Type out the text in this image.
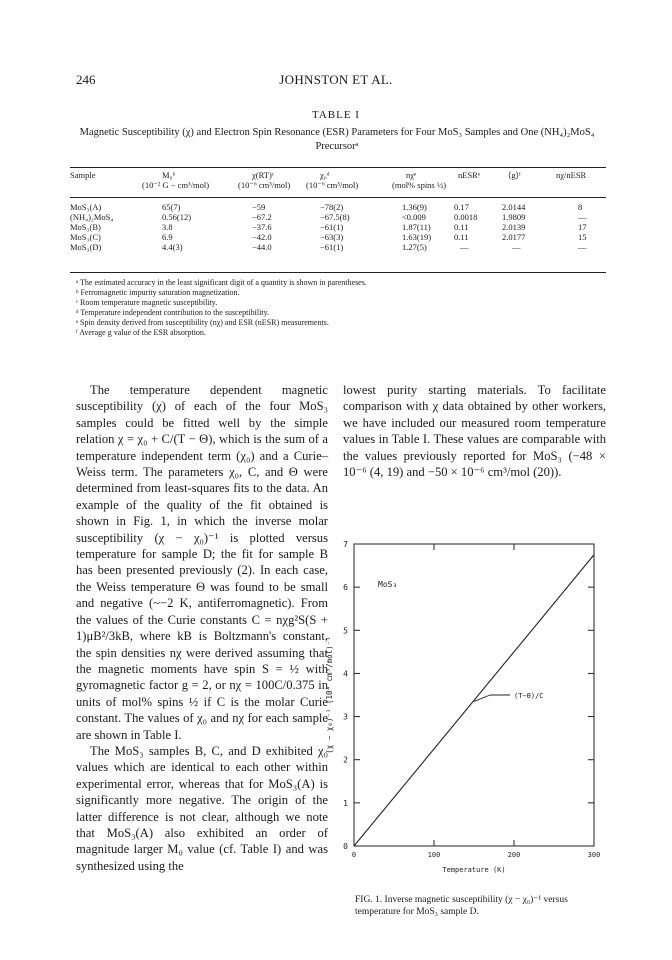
246	JOHNSTON ET AL.
TABLE I
Magnetic Susceptibility (χ) and Electron Spin Resonance (ESR) Parameters for Four MoS₃ Samples and One (NH₄)₂MoS₄ Precursorᵃ
Sample	M₀ᵇ	χ(RT)ᶜ	χ₀ᵈ	nχᵉ	nESRᵉ	⟨g⟩ᶠ	nχ/nESR
	(10⁻² G − cm³/mol)	(10⁻⁶ cm³/mol)	(10⁻⁶ cm³/mol)	(mol% spins ½)			

MoS₃(A)	65(7)	−59	−78(2)	1.36(9)	0.17	2.0144	8
(NH₄)₂MoS₄	0.56(12)	−67.2	−67.5(8)	<0.009	0.0018	1.9809	—
MoS₃(B)	3.8	−37.6	−61(1)	1.87(11)	0.11	2.0139	17
MoS₃(C)	6.9	−42.0	−63(3)	1.63(19)	0.11	2.0177	15
MoS₃(D)	4.4(3)	−44.0	−61(1)	1.27(5)	—	—	—
ᵃ The estimated accuracy in the least significant digit of a quantity is shown in parentheses.
ᵇ Ferromagnetic impurity saturation magnetization.
ᶜ Room temperature magnetic susceptibility.
ᵈ Temperature independent contribution to the susceptibility.
ᵉ Spin density derived from susceptibility (nχ) and ESR (nESR) measurements.
ᶠ Average g value of the ESR absorption.

The temperature dependent magnetic susceptibility (χ) of each of the four MoS₃ samples could be fitted well by the simple relation χ = χ₀ + C/(T − Θ), which is the sum of a temperature independent term (χ₀) and a Curie–Weiss term. The parameters χ₀, C, and Θ were determined from least-squares fits to the data. An example of the quality of the fit obtained is shown in Fig. 1, in which the inverse molar susceptibility (χ − χ₀)⁻¹ is plotted versus temperature for sample D; the fit for sample B has been presented previously (2). In each case, the Weiss temperature Θ was found to be small and negative (~−2 K, antiferromagnetic). From the values of the Curie constants C = nχg²S(S + 1)μB²/3kB, where kB is Boltzmann's constant, the spin densities nχ were derived assuming that the magnetic moments have spin S = ½ with gyromagnetic factor g = 2, or nχ = 100C/0.375 in units of mol% spins ½ if C is the molar Curie constant. The values of χ₀ and nχ for each sample are shown in Table I.

The MoS₃ samples B, C, and D exhibited χ₀ values which are identical to each other within experimental error, whereas that for MoS₃(A) is significantly more negative. The origin of the latter difference is not clear, although we note that MoS₃(A) also exhibited an order of magnitude larger M₀ value (cf. Table I) and was synthesized using the

lowest purity starting materials. To facilitate comparison with χ data obtained by other workers, we have included our measured room temperature values in Table I. These values are comparable with the values previously reported for MoS₃ (−48 × 10⁻⁶ (4, 19) and −50 × 10⁻⁶ cm³/mol (20)).

0
1
2
3
4
5
6
7
0	100	200	300
MoS₃
(T−Θ)/C
Temperature (K)
(χ − χ₀)⁻¹ (10⁴ cm³/mol)⁻¹
FIG. 1. Inverse magnetic susceptibility (χ − χ₀)⁻¹ versus temperature for MoS₃ sample D.
